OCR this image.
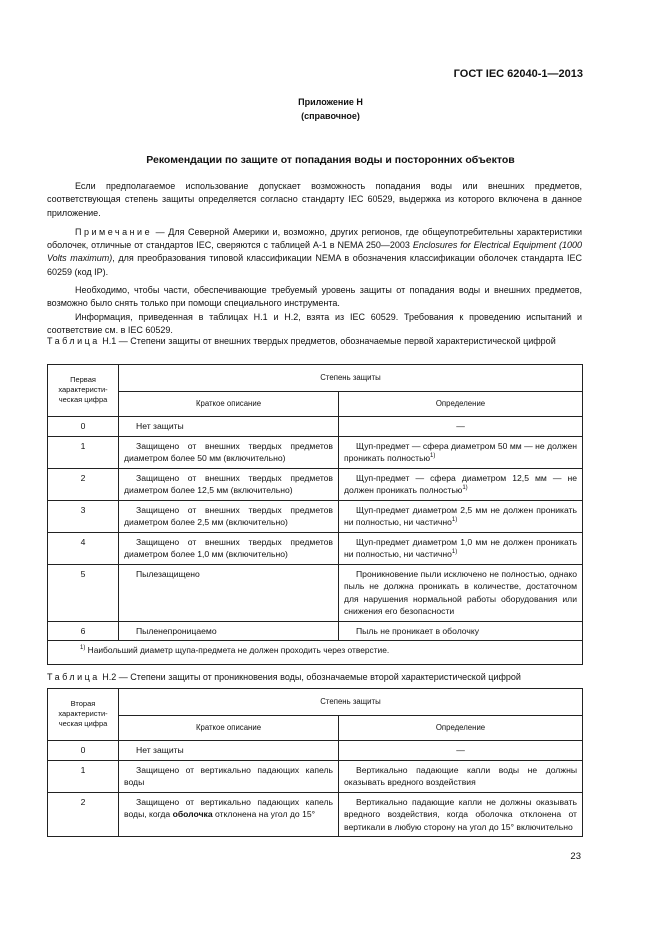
ГОСТ IEC 62040-1—2013
Приложение Н
(справочное)
Рекомендации по защите от попадания воды и посторонних объектов

Если предполагаемое использование допускает возможность попадания воды или внешних предметов, соответствующая степень защиты определяется согласно стандарту IEC 60529, выдержка из которого включена в данное приложение.

Примечание — Для Северной Америки и, возможно, других регионов, где общеупотребительны характеристики оболочек, отличные от стандартов IEC, сверяются с таблицей А-1 в NEMA 250—2003 Enclosures for Electrical Equipment (1000 Volts maximum), для преобразования типовой классификации NEMA в обозначения классификации оболочек стандарта IEC 60259 (код IP).

Необходимо, чтобы части, обеспечивающие требуемый уровень защиты от попадания воды и внешних предметов, возможно было снять только при помощи специального инструмента.

Информация, приведенная в таблицах Н.1 и Н.2, взята из IEC 60529. Требования к проведению испытаний и соответствие см. в IEC 60529.

Таблица Н.1 — Степени защиты от внешних твердых предметов, обозначаемые первой характеристической цифрой
Первая характеристи-ческая цифра	Степень защиты	
	Краткое описание	Определение
0	Нет защиты	—
1	Защищено от внешних твердых предметов диаметром более 50 мм (включительно)	Щуп-предмет — сфера диаметром 50 мм — не должен проникать полностью$^{1)}$
2	Защищено от внешних твердых предметов диаметром более 12,5 мм (включительно)	Щуп-предмет — сфера диаметром 12,5 мм — не должен проникать полностью$^{1)}$
3	Защищено от внешних твердых предметов диаметром более 2,5 мм (включительно)	Щуп-предмет диаметром 2,5 мм не должен проникать ни полностью, ни частично$^{1)}$
4	Защищено от внешних твердых предметов диаметром более 1,0 мм (включительно)	Щуп-предмет диаметром 1,0 мм не должен проникать ни полностью, ни частично$^{1)}$
5	Пылезащищено	Проникновение пыли исключено не полностью, однако пыль не должна проникать в количестве, достаточном для нарушения нормальной работы оборудования или снижения его безопасности
6	Пыленепроницаемо	Пыль не проникает в оболочку
$^{1)}$ Наибольший диаметр щупа-предмета не должен проходить через отверстие.		
Таблица Н.2 — Степени защиты от проникновения воды, обозначаемые второй характеристической цифрой
Вторая характеристи-ческая цифра	Степень защиты	
	Краткое описание	Определение
0	Нет защиты	—
1	Защищено от вертикально падающих капель воды	Вертикально падающие капли воды не должны оказывать вредного воздействия
2	Защищено от вертикально падающих капель воды, когда оболочка отклонена на угол до 15°	Вертикально падающие капли не должны оказывать вредного воздействия, когда оболочка отклонена от вертикали в любую сторону на угол до 15° включительно
23
